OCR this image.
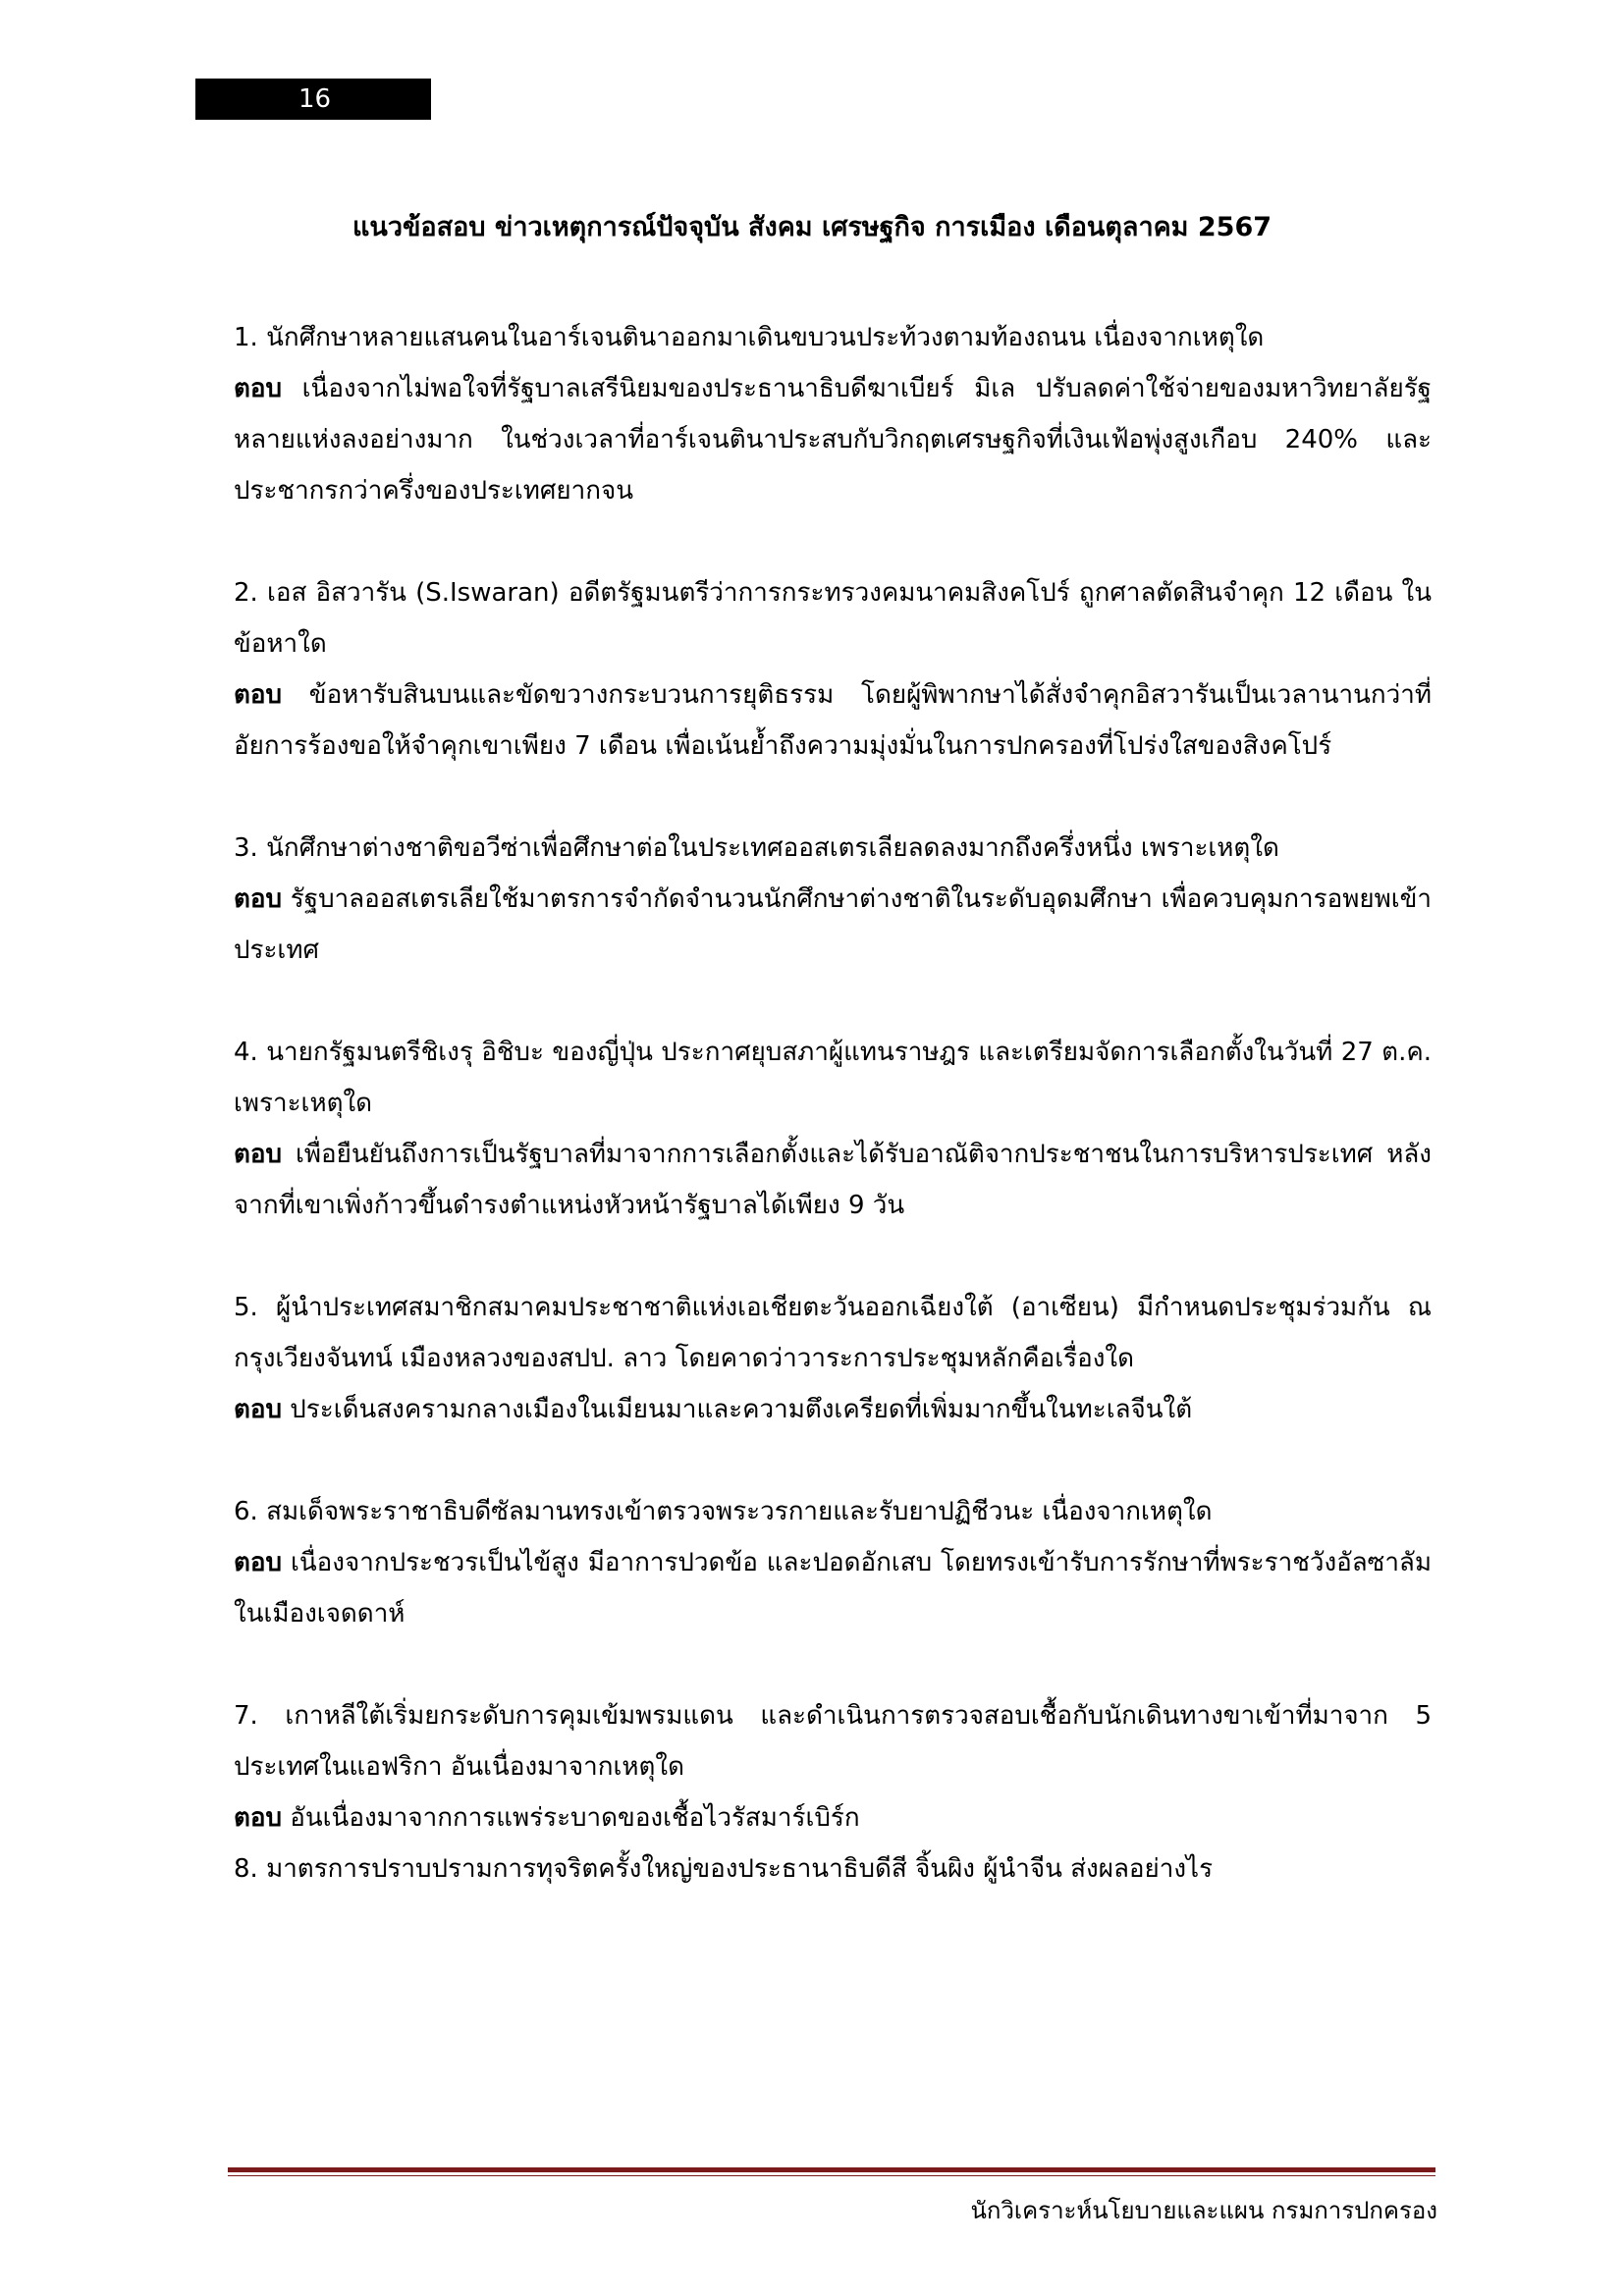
16
แนวข้อสอบ ข่าวเหตุการณ์ปัจจุบัน สังคม เศรษฐกิจ การเมือง เดือนตุลาคม 2567

1. นักศึกษาหลายแสนคนในอาร์เจนตินาออกมาเดินขบวนประท้วงตามท้องถนน เนื่องจากเหตุใด

ตอบ เนื่องจากไม่พอใจที่รัฐบาลเสรีนิยมของประธานาธิบดีฆาเบียร์ มิเล ปรับลดค่าใช้จ่ายของมหาวิทยาลัยรัฐหลายแห่งลงอย่างมาก ในช่วงเวลาที่อาร์เจนตินาประสบกับวิกฤตเศรษฐกิจที่เงินเฟ้อพุ่งสูงเกือบ 240% และประชากรกว่าครึ่งของประเทศยากจน

2. เอส อิสวารัน (S.Iswaran) อดีตรัฐมนตรีว่าการกระทรวงคมนาคมสิงคโปร์ ถูกศาลตัดสินจำคุก 12 เดือน ในข้อหาใด

ตอบ ข้อหารับสินบนและขัดขวางกระบวนการยุติธรรม โดยผู้พิพากษาได้สั่งจำคุกอิสวารันเป็นเวลานานกว่าที่อัยการร้องขอให้จำคุกเขาเพียง 7 เดือน เพื่อเน้นย้ำถึงความมุ่งมั่นในการปกครองที่โปร่งใสของสิงคโปร์

3. นักศึกษาต่างชาติขอวีซ่าเพื่อศึกษาต่อในประเทศออสเตรเลียลดลงมากถึงครึ่งหนึ่ง เพราะเหตุใด

ตอบ รัฐบาลออสเตรเลียใช้มาตรการจำกัดจำนวนนักศึกษาต่างชาติในระดับอุดมศึกษา เพื่อควบคุมการอพยพเข้าประเทศ

4. นายกรัฐมนตรีชิเงรุ อิชิบะ ของญี่ปุ่น ประกาศยุบสภาผู้แทนราษฎร และเตรียมจัดการเลือกตั้งในวันที่ 27 ต.ค. เพราะเหตุใด

ตอบ เพื่อยืนยันถึงการเป็นรัฐบาลที่มาจากการเลือกตั้งและได้รับอาณัติจากประชาชนในการบริหารประเทศ หลังจากที่เขาเพิ่งก้าวขึ้นดำรงตำแหน่งหัวหน้ารัฐบาลได้เพียง 9 วัน

5. ผู้นำประเทศสมาชิกสมาคมประชาชาติแห่งเอเชียตะวันออกเฉียงใต้ (อาเซียน) มีกำหนดประชุมร่วมกัน ณ กรุงเวียงจันทน์ เมืองหลวงของสปป. ลาว โดยคาดว่าวาระการประชุมหลักคือเรื่องใด

ตอบ ประเด็นสงครามกลางเมืองในเมียนมาและความตึงเครียดที่เพิ่มมากขึ้นในทะเลจีนใต้

6. สมเด็จพระราชาธิบดีซัลมานทรงเข้าตรวจพระวรกายและรับยาปฏิชีวนะ เนื่องจากเหตุใด

ตอบ เนื่องจากประชวรเป็นไข้สูง มีอาการปวดข้อ และปอดอักเสบ โดยทรงเข้ารับการรักษาที่พระราชวังอัลซาลัม ในเมืองเจดดาห์

7. เกาหลีใต้เริ่มยกระดับการคุมเข้มพรมแดน และดำเนินการตรวจสอบเชื้อกับนักเดินทางขาเข้าที่มาจาก 5 ประเทศในแอฟริกา อันเนื่องมาจากเหตุใด

ตอบ อันเนื่องมาจากการแพร่ระบาดของเชื้อไวรัสมาร์เบิร์ก

8. มาตรการปราบปรามการทุจริตครั้งใหญ่ของประธานาธิบดีสี จิ้นผิง ผู้นำจีน ส่งผลอย่างไร

นักวิเคราะห์นโยบายและแผน กรมการปกครอง
